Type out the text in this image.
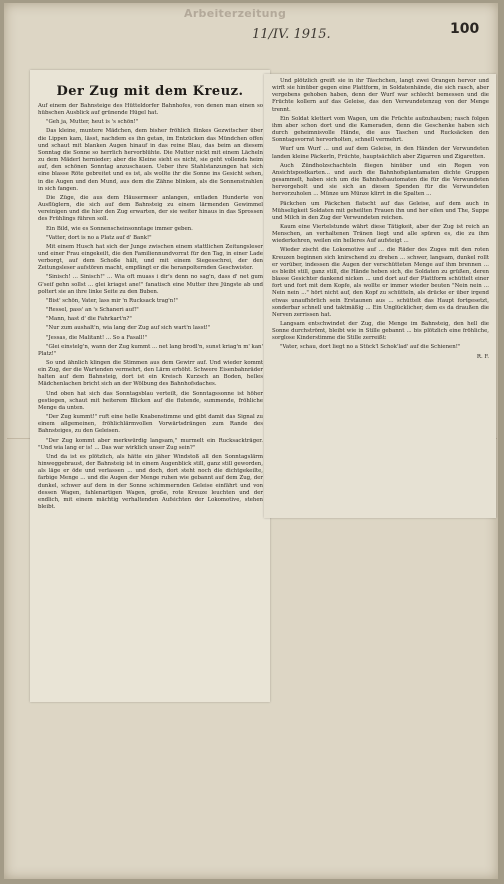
Arbeiterzeitung
11/IV. 1915.	100
Der Zug mit dem Kreuz.

Auf einem der Bahnsteige des Hütteldorfer Bahnhofes, von denen man einen so hübschen Ausblick auf grünende Hügel hat.

"Geh ja, Mutter, heut is 's schön!"

Das kleine, muntere Mädchen, dem bisher fröhlich flinkes Gezwitscher über die Lippen kam, lässt, nachdem es ihn getan, im Entzücken das Mündchen offen und schaut mit blanken Augen hinauf in das reine Blau, das beim an diesem Sonntag die Sonne so herrlich hervorblühte. Die Mutter nickt mit einem Lächeln zu dem Mäderl hernieder; aber die Kleine sieht es nicht, sie geht vollends heim auf, den schönen Sonntag anzuschauen. Ueber ihre Stahlstanzungen hat sich eine blasse Röte gebreitet und es ist, als wollte ihr die Sonne ins Gesicht sehen, in die Augen und den Mund, aus dem die Zähne blinken, als die Sonnenstrahlen in sich fangen.

Die Züge, die aus dem Häusermeer anlangen, entladen Hunderte von Ausflüglern, die sich auf dem Bahnsteig zu einem lärmenden Gewimmel vereinigen und die hier den Zug erwarten, der sie weiter hinaus in das Sprossen des Frühlings führen soll.

Ein Bild, wie es Sonnenscheinsonntage immer geben.

"Vatter, dort is no a Platz auf d' Bank!"

Mit einem Husch hat sich der Junge zwischen einem stattlichen Zeitungsleser und einer Frau eingekeilt, die den Familiennundvorrat für den Tag, in einer Lade verborgt, auf dem Schoße hält, und mit einem Siegesschrei, der den Zeitungsleser aufstören macht, empfängt er die heranpolternden Geschwister.

"Sinisch! ... Sinisch!" ... Wia oft muass i dir's denn no sag'n, dass d' net gum G'seif gehn sollst ... glei kriagst ane!" fanatisch eine Mutter ihre Jüngste ab und poltert sie an ihre linke Seite zu den Buben.

"Bist' schön, Vater, lass mir 'n Rucksack trag'n!"

"Ressel, pass' an 's Schaneri auf!"

"Mann, hast d' die Fahrkart'n?"

"Nur zum aushalt'n, wia lang der Zug auf sich wart'n lasst!"

"Jessas, die Malitant! ... So a Fasall!"

"Glei einstelg'n, wann der Zug kummt ... net lang brodl'n, sunst kriag'n m' kan' Platz!"

So und ähnlich klingen die Stimmen aus dem Gewirr auf. Und wieder kommt ein Zug, der die Wartenden vermehrt, den Lärm erhöht. Schwere Eisenbahnräder halten auf dem Bahnsteig, dort ist ein Kreisch Kurzsch an Boden, helles Mädchenlachen bricht sich an der Wölbung des Bahnhofsdaches.

Und oben hat sich das Sonntagsblau verteilt, die Sonntagssonne ist höher gestiegen, schaut mit heiterem Blicken auf die flutende, summende, fröhliche Menge da unten.

"Der Zug kummt!" ruft eine helle Knabenstimme und gibt damit das Signal zu einem allgemeinen, fröhlichlärmvollen Vorwärtsdrängen zum Rande des Bahnsteiges, zu den Geleisen.

"Der Zug kommt aber merkwürdig langsam," murmelt ein Rucksackträger. "Und wia lang er is! ... Das war wirklich unser Zug sein?"

Und da ist es plötzlich, als hätte ein jäher Windstoß all den Sonntagslärm hinweggebraust, der Bahnsteig ist in einem Augenblick still, ganz still geworden, als läge er öde und verlassen ... und doch, dort steht noch die dichtgekeilte, farbige Menge ... und die Augen der Menge ruhen wie gebannt auf dem Zug, der dunkel, schwer auf dem in der Sonne schimmernden Geleise einfährt und von dessen Wagen, fahlenartigen Wagen, große, rote Kreuze leuchten und der endlich, mit einem mächtig verhaltenden Aufsichten der Lokomotive, stehen bleibt.

Und plötzlich greift sie in ihr Täschchen, langt zwei Orangen hervor und wirft sie hinüber gegen eine Plattform, in Soldatenhände, die sich rasch, aber vergebens gehoben haben, denn der Wurf war schlecht bemessen und die Früchte kollern auf das Geleise, das den Verwundetenzug von der Menge trennt.

Ein Soldat klettert vom Wagen, um die Früchte aufzuhauben; rasch folgen ihm aber schon dort und die Kameraden, denn die Geschenke haben sich durch geheimnisvolle Hände, die aus Taschen und Rucksäcken den Sonntagsvorrat hervorholten, schnell vermehrt.

Wurf um Wurf ... und auf dem Geleise, in den Händen der Verwundeten landen kleine Päckerln, Früchte, hauptsächlich aber Zigarren und Zigaretten.

Auch Zündholzschachteln fliegen hinüber und ein Regen von Ansichtspostkarten... und auch die Bahnhofsplantamaten dichte Gruppen gesammelt, haben sich um die Bahnhofsautomaten die für die Verwundeten hervorgeholt und sie sich an diesen Spenden für die Verwundeten hervorzuholen ... Münze um Münze klirrt in die Spalten ...

Päckchen um Päckchen flatscht auf das Geleise, auf dem auch in Mühseligkeit Soldaten mit geheilten Frauen ihn und her eilen und The, Suppe und Milch in den Zug der Verwundeten reichen.

Kaum eine Viertelstunde währt diese Tätigkeit, aber der Zug ist reich an Menschen, an verhaltenen Tränen liegt und alle spüren es, die zu ihm wiederkehren, weilen ein helleres Auf aufsteigt ...

Wieder zischt die Lokomotive auf ... die Räder des Zuges mit den roten Kreuzen beginnen sich knirschend zu drehen ... schwer, langsam, dunkel rollt er vorüber, indessen die Augen der verschütteten Menge auf ihm brennen ... es bleibt still, ganz still, die Hände heben sich, die Soldaten zu grüßen, deren blasse Gesichter dankend nicken ... und dort auf der Plattform schüttelt einer fort und fort mit dem Kopfe, als wollte er immer wieder beuten "Nein nein ... Nein nein ..." hört nicht auf, den Kopf zu schütteln, als drücke er über irgend etwas unaufhörlich sein Erstaunen aus ... schüttelt das Haupt fortgesetzt, sonderbar schnell und taktmäßig ... Ein Unglücklicher, dem es da draußen die Nerven zerrissen hat.

Langsam entschwindet der Zug, die Menge im Bahnsteig, den hell die Sonne durchströmt, bleibt wie in Stille gebannt ... bis plötzlich eine fröhliche, sorglose Kinderstimme die Stille zerreißt:

"Vater, schau, dort liegt no a Stück'l Schok'lad' auf die Schienen!"

R. F.
